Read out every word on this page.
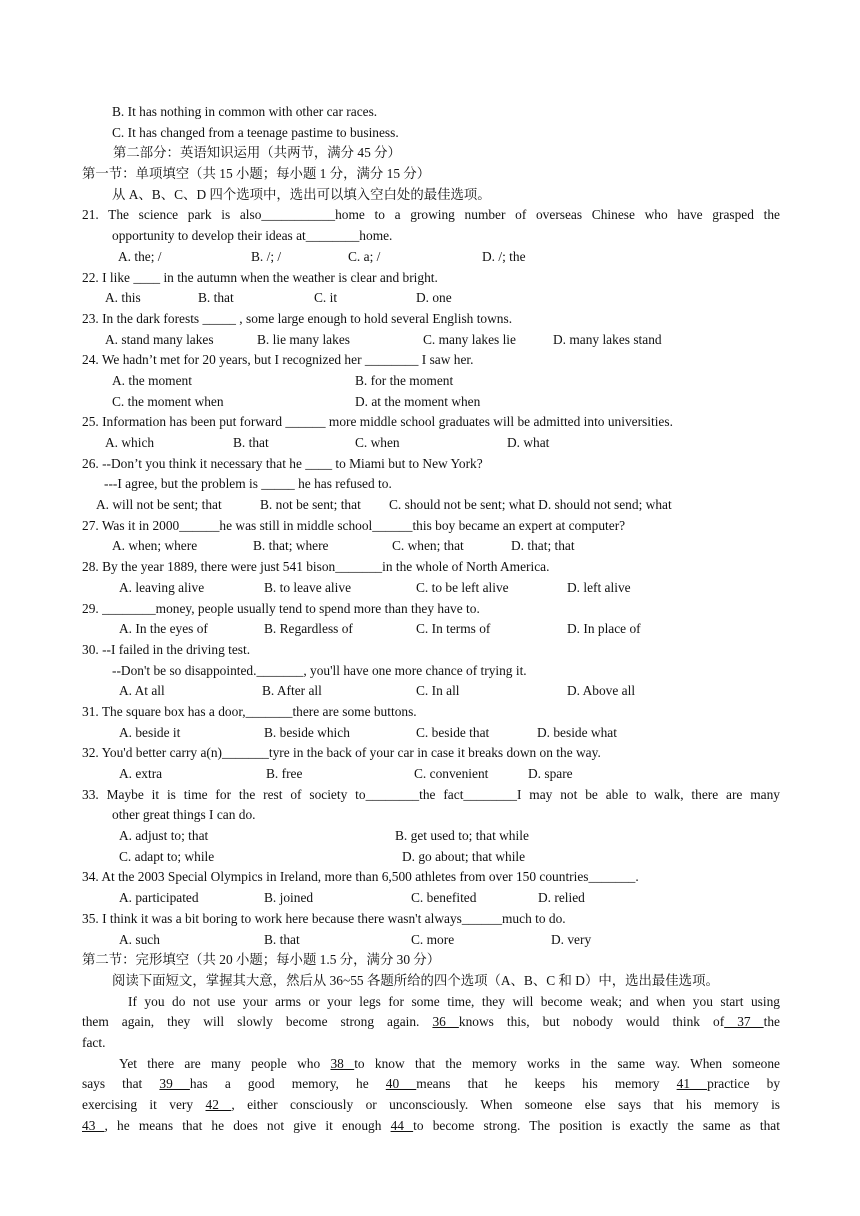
B. It has nothing in common with other car races.
C. It has changed from a teenage pastime to business.
第二部分：英语知识运用（共两节，满分 45 分）
第一节：单项填空（共 15 小题；每小题 1 分，满分 15 分）
从 A、B、C、D 四个选项中，选出可以填入空白处的最佳选项。
21. The science park is also___________home to a growing number of overseas Chinese who have grasped the
opportunity to develop their ideas at________home.
A. the; /	B. /; /	C. a; /	D. /; the
22. I like ____ in the autumn when the weather is clear and bright.
A. this	B. that	C. it	D. one
23. In the dark forests _____ , some large enough to hold several English towns.
A. stand many lakes	B. lie many lakes	C. many lakes lie	D. many lakes stand
24. We hadn’t met for 20 years, but I recognized her ________ I saw her.
A. the moment	B. for the moment
C. the moment when	D. at the moment when
25. Information has been put forward ______ more middle school graduates will be admitted into universities.
A. which	B. that	C. when	D. what
26. --Don’t you think it necessary that he ____ to Miami but to New York?
---I agree, but the problem is _____ he has refused to.
A. will not be sent; that	B. not be sent; that C. should not be sent; what D. should not send; what
27. Was it in 2000______he was still in middle school______this boy became an expert at computer?
A. when; where	B. that; where	C. when; that	D. that; that
28. By the year 1889, there were just 541 bison_______in the whole of North America.
A. leaving alive	B. to leave alive	C. to be left alive	D. left alive
29. ________money, people usually tend to spend more than they have to.
A. In the eyes of	B. Regardless of	C. In terms of	D. In place of
30. --I failed in the driving test.
--Don't be so disappointed._______, you'll have one more chance of trying it.
A. At all	B. After all	C. In all	D. Above all
31. The square box has a door,_______there are some buttons.
A. beside it	B. beside which	C. beside that	D. beside what
32. You'd better carry a(n)_______tyre in the back of your car in case it breaks down on the way.
A. extra	B. free	C. convenient	D. spare
33. Maybe it is time for the rest of society to________the fact________I may not be able to walk, there are many
other great things I can do.
A. adjust to; that	B. get used to; that while
C. adapt to; while	D. go about; that while
34. At the 2003 Special Olympics in Ireland, more than 6,500 athletes from over 150 countries_______.
A. participated	B. joined	C. benefited	D. relied
35. I think it was a bit boring to work here because there wasn't always______much to do.
A. such	B. that	C. more	D. very
第二节：完形填空（共 20 小题；每小题 1.5 分，满分 30 分）
阅读下面短文，掌握其大意，然后从 36~55 各题所给的四个选项（A、B、C 和 D）中，选出最佳选项。
If you do not use your arms or your legs for some time, they will become weak; and when you start using
them again, they will slowly become strong again. 36 knows this, but nobody would think of 37 the
fact.
Yet there are many people who 38 to know that the memory works in the same way. When someone
says that 39 has a good memory, he 40 means that he keeps his memory 41 practice by
exercising it very 42 , either consciously or unconsciously. When someone else says that his memory is
43 , he means that he does not give it enough 44 to become strong. The position is exactly the same as that
